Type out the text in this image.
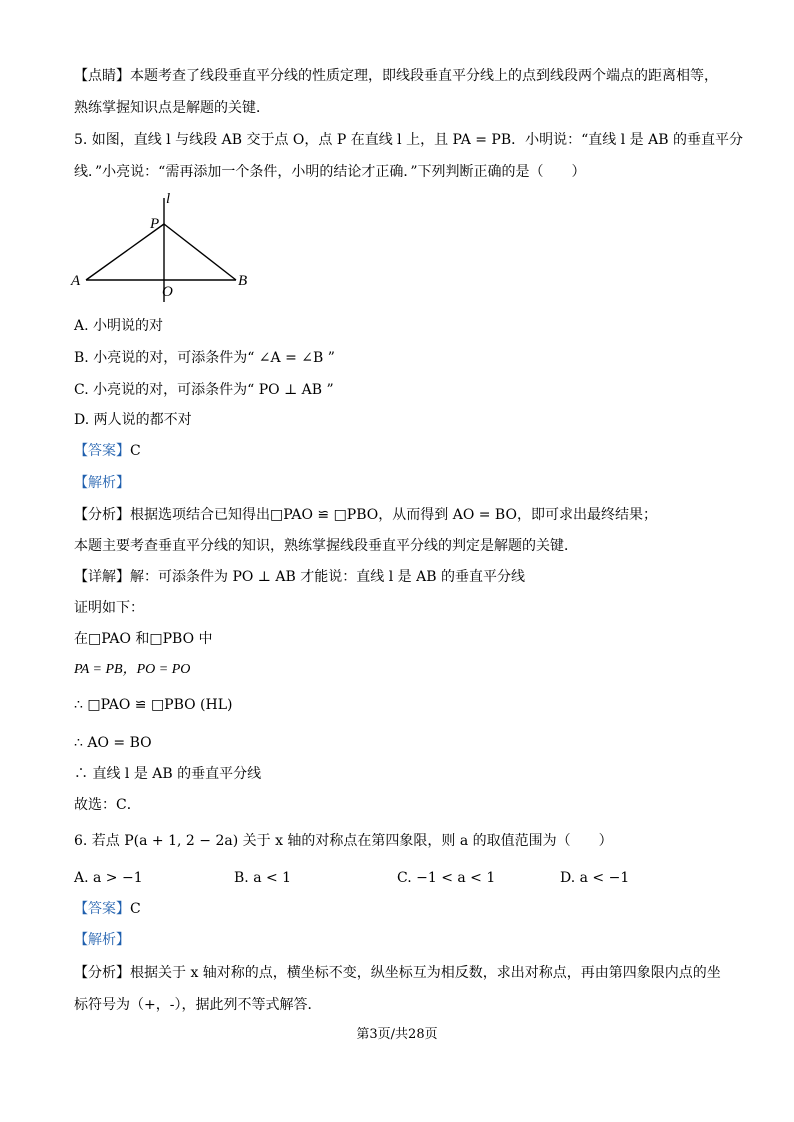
【点睛】本题考查了线段垂直平分线的性质定理，即线段垂直平分线上的点到线段两个端点的距离相等，
熟练掌握知识点是解题的关键．
5. 如图，直线 l 与线段 AB 交于点 O，点 P 在直线 l 上，且 PA = PB．小明说：“直线 l 是 AB 的垂直平分
线．”小亮说：“需再添加一个条件，小明的结论才正确．”下列判断正确的是（　　）
l
P
A	B
O
A. 小明说的对
B. 小亮说的对，可添条件为“ ∠A = ∠B ”
C. 小亮说的对，可添条件为“ PO ⊥ AB ”
D. 两人说的都不对
【答案】C
【解析】
【分析】根据选项结合已知得出□PAO ≌ □PBO，从而得到 AO = BO，即可求出最终结果；
本题主要考查垂直平分线的知识，熟练掌握线段垂直平分线的判定是解题的关键．
【详解】解：可添条件为 PO ⊥ AB 才能说：直线 l 是 AB 的垂直平分线
证明如下：
在□PAO 和□PBO 中
PA = PB，PO = PO
∴ □PAO ≌ □PBO (HL)
∴ AO = BO
∴ 直线 l 是 AB 的垂直平分线
故选：C．
6. 若点 P(a + 1, 2 − 2a) 关于 x 轴的对称点在第四象限，则 a 的取值范围为（　　）
A. a > −1	B. a < 1	C. −1 < a < 1	D. a < −1
【答案】C
【解析】
【分析】根据关于 x 轴对称的点，横坐标不变，纵坐标互为相反数，求出对称点，再由第四象限内点的坐
标符号为（+，-），据此列不等式解答．
第3页/共28页
